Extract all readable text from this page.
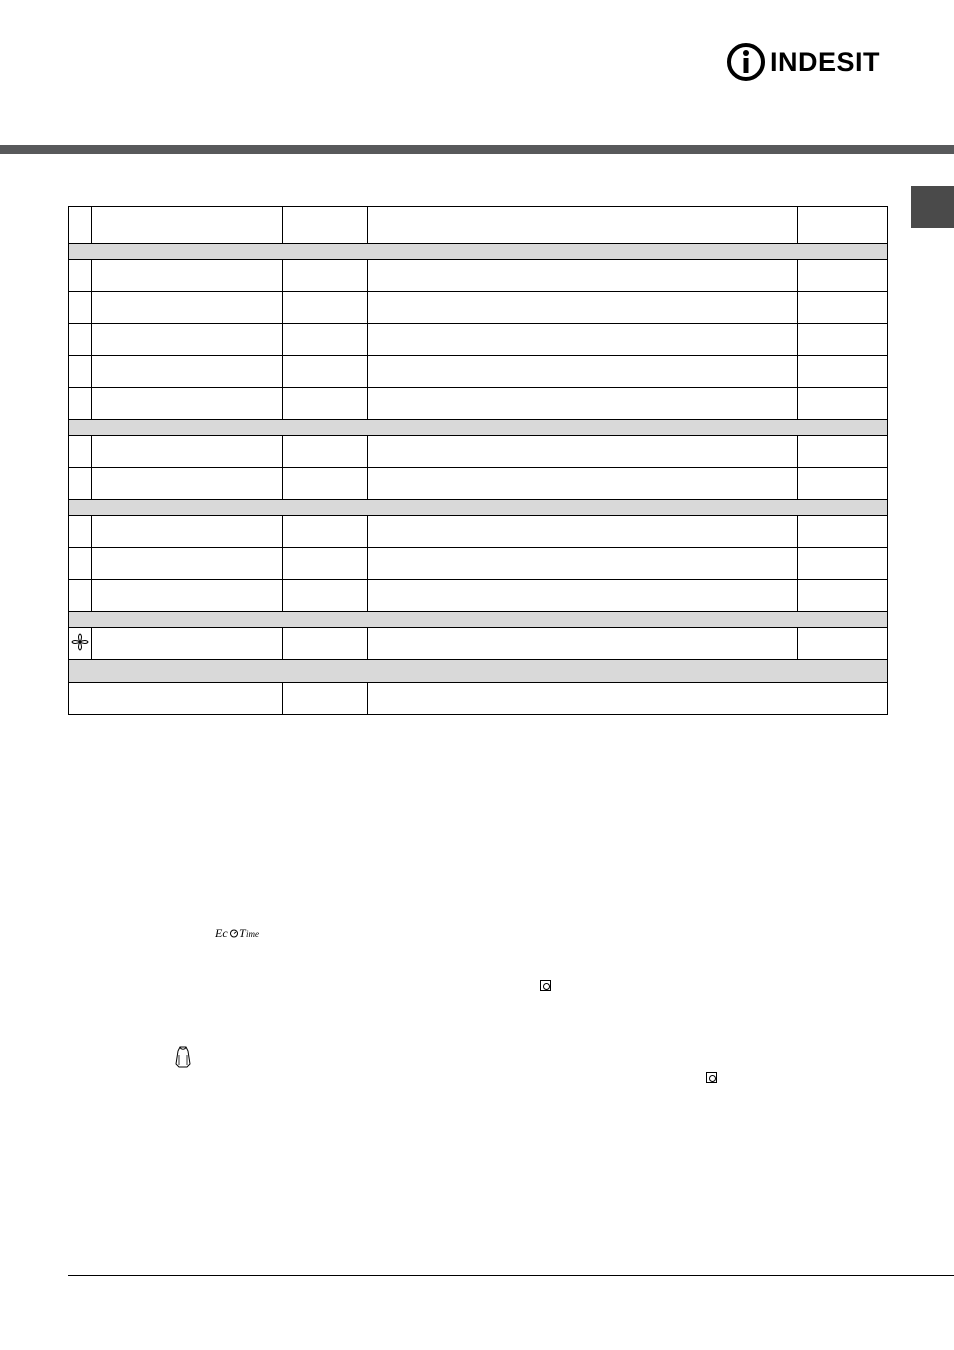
INDESIT

Ec T ime
